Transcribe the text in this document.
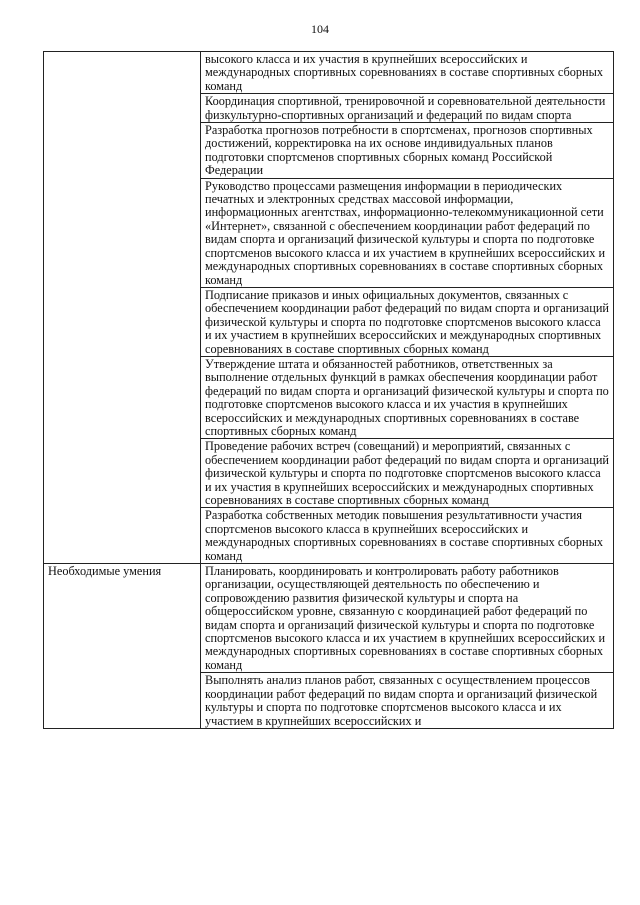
104

	высокого класса и их участия в крупнейших всероссийских и международных спортивных соревнованиях в составе спортивных сборных команд

	Координация спортивной, тренировочной и соревновательной деятельности физкультурно-спортивных организаций и федераций по видам спорта

	Разработка прогнозов потребности в спортсменах, прогнозов спортивных достижений, корректировка на их основе индивидуальных планов подготовки спортсменов спортивных сборных команд Российской Федерации

	Руководство процессами размещения информации в периодических печатных и электронных средствах массовой информации, информационных агентствах, информационно-телекоммуникационной сети «Интернет», связанной с обеспечением координации работ федераций по видам спорта и организаций физической культуры и спорта по подготовке спортсменов высокого класса и их участием в крупнейших всероссийских и международных спортивных соревнованиях в составе спортивных сборных команд

	Подписание приказов и иных официальных документов, связанных с обеспечением координации работ федераций по видам спорта и организаций физической культуры и спорта по подготовке спортсменов высокого класса и их участием в крупнейших всероссийских и международных спортивных соревнованиях в составе спортивных сборных команд

	Утверждение штата и обязанностей работников, ответственных за выполнение отдельных функций в рамках обеспечения координации работ федераций по видам спорта и организаций физической культуры и спорта по подготовке спортсменов высокого класса и их участия в крупнейших всероссийских и международных спортивных соревнованиях в составе спортивных сборных команд

	Проведение рабочих встреч (совещаний) и мероприятий, связанных с обеспечением координации работ федераций по видам спорта и организаций физической культуры и спорта по подготовке спортсменов высокого класса и их участия в крупнейших всероссийских и международных спортивных соревнованиях в составе спортивных сборных команд

	Разработка собственных методик повышения результативности участия спортсменов высокого класса в крупнейших всероссийских и международных спортивных соревнованиях в составе спортивных сборных команд

Необходимые умения	Планировать, координировать и контролировать работу работников организации, осуществляющей деятельность по обеспечению и сопровождению развития физической культуры и спорта на общероссийском уровне, связанную с координацией работ федераций по видам спорта и организаций физической культуры и спорта по подготовке спортсменов высокого класса и их участием в крупнейших всероссийских и международных спортивных соревнованиях в составе спортивных сборных команд

	Выполнять анализ планов работ, связанных с осуществлением процессов координации работ федераций по видам спорта и организаций физической культуры и спорта по подготовке спортсменов высокого класса и их участием в крупнейших всероссийских и
